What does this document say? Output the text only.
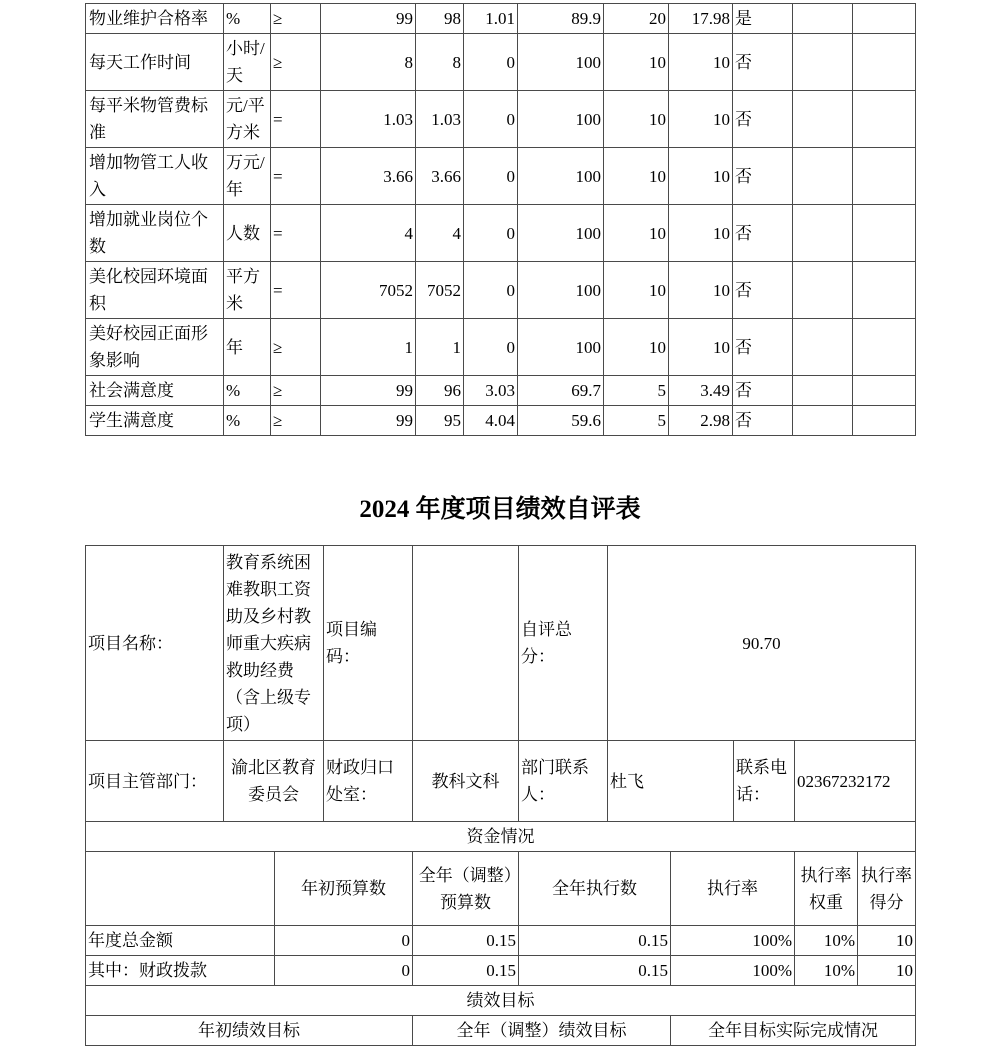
物业维护合格率	%	≥	99	98	1.01	89.9	20	17.98	是		
每天工作时间	小时/天	≥	8	8	0	100	10	10	否		
每平米物管费标准	元/平方米	=	1.03	1.03	0	100	10	10	否		
增加物管工人收入	万元/年	=	3.66	3.66	0	100	10	10	否		
增加就业岗位个数	人数	=	4	4	0	100	10	10	否		
美化校园环境面积	平方米	=	7052	7052	0	100	10	10	否		
美好校园正面形象影响	年	≥	1	1	0	100	10	10	否		
社会满意度	%	≥	99	96	3.03	69.7	5	3.49	否		
学生满意度	%	≥	99	95	4.04	59.6	5	2.98	否		
2024 年度项目绩效自评表
项目名称：	教育系统困难教职工资助及乡村教师重大疾病救助经费（含上级专项）		项目编码：		自评总分：	90.70				
项目主管部门：	渝北区教育委员会		财政归口处室：	教科文科	部门联系人：	杜飞		联系电话：	02367232172	
资金情况										
		年初预算数		全年（调整）预算数	全年执行数		执行率		执行率权重	执行率得分
年度总金额		0		0.15	0.15		100%		10%	10
其中：财政拨款		0		0.15	0.15		100%		10%	10
绩效目标										
年初绩效目标				全年（调整）绩效目标			全年目标实际完成情况			
